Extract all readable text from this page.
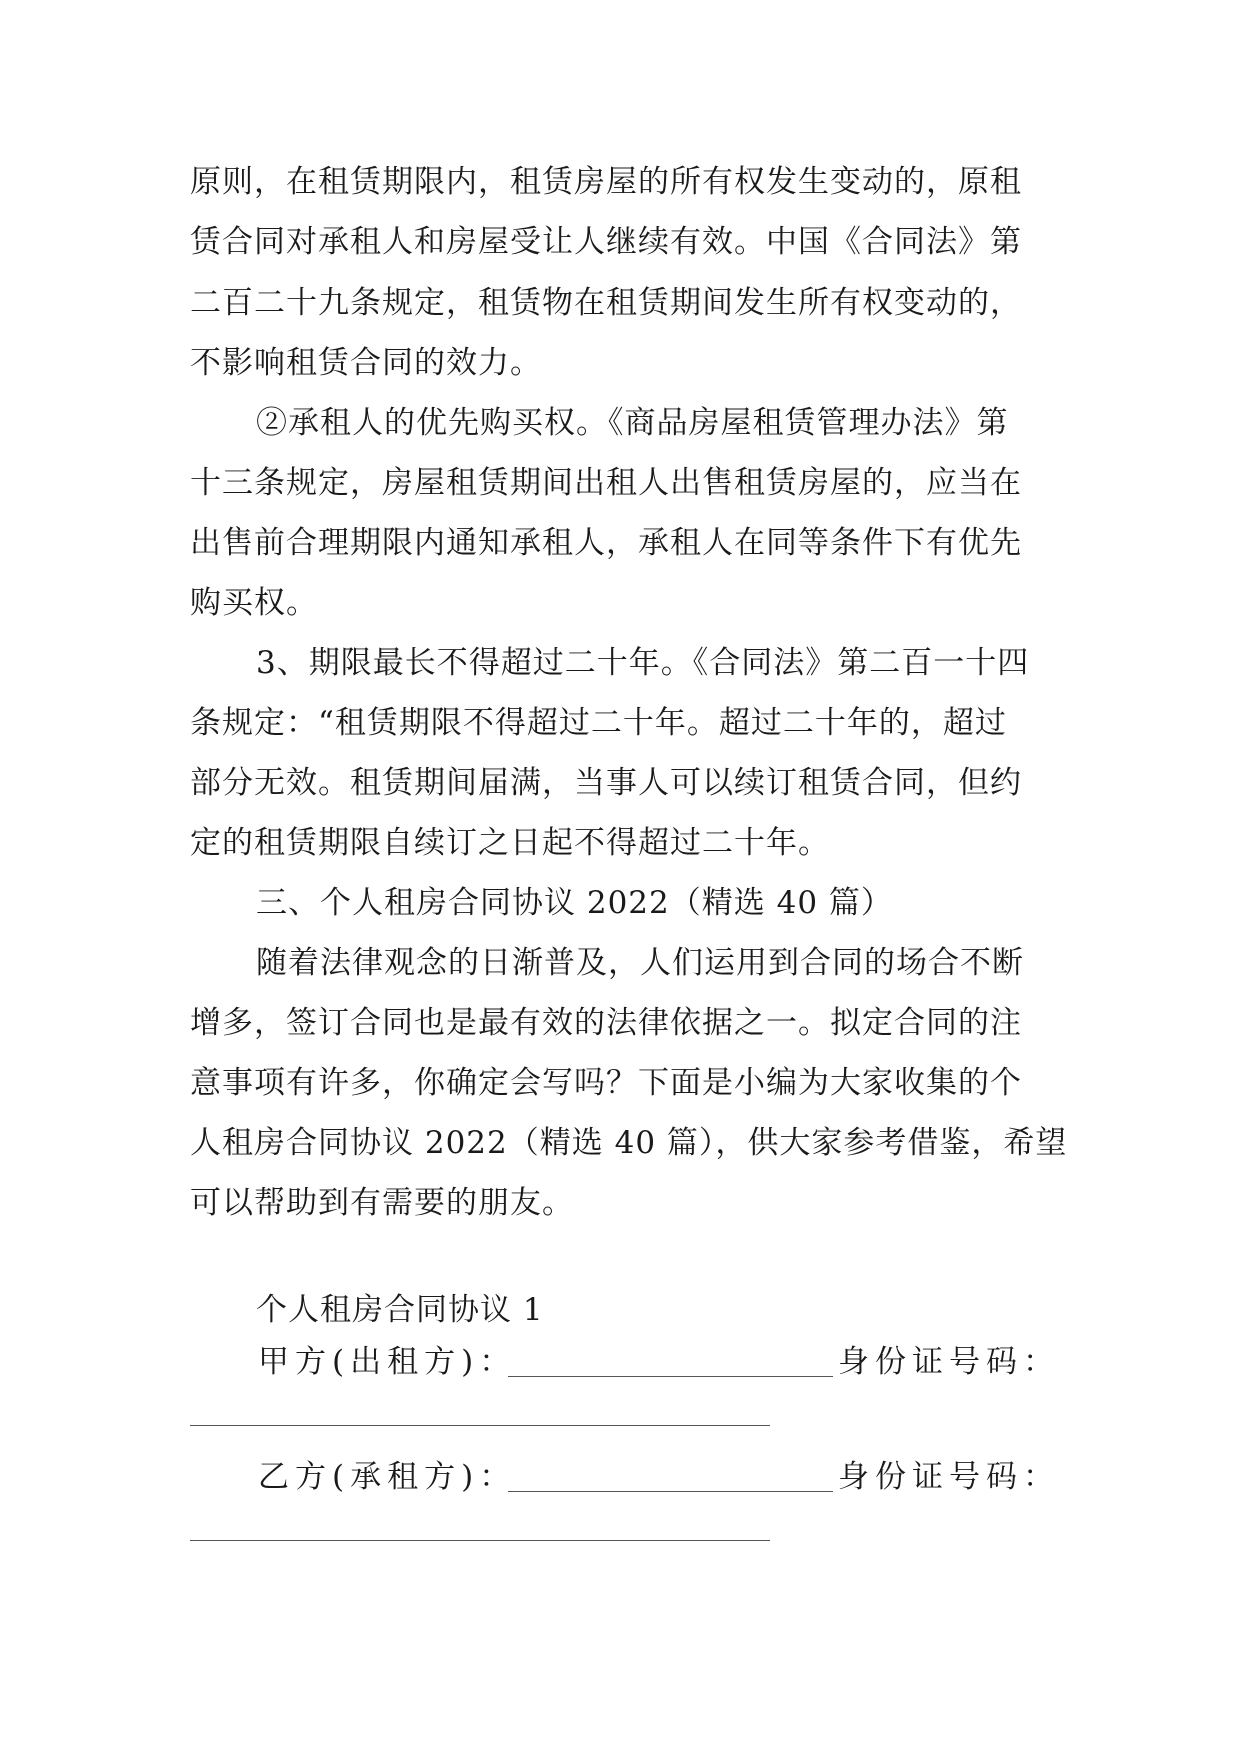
原则，在租赁期限内，租赁房屋的所有权发生变动的，原租
赁合同对承租人和房屋受让人继续有效。中国《合同法》第
二百二十九条规定，租赁物在租赁期间发生所有权变动的，
不影响租赁合同的效力。
②承租人的优先购买权。《商品房屋租赁管理办法》第
十三条规定，房屋租赁期间出租人出售租赁房屋的，应当在
出售前合理期限内通知承租人，承租人在同等条件下有优先
购买权。
3、期限最长不得超过二十年。《合同法》第二百一十四
条规定：“租赁期限不得超过二十年。超过二十年的，超过
部分无效。租赁期间届满，当事人可以续订租赁合同，但约
定的租赁期限自续订之日起不得超过二十年。
三、个人租房合同协议 2022（精选 40 篇）
随着法律观念的日渐普及，人们运用到合同的场合不断
增多，签订合同也是最有效的法律依据之一。拟定合同的注
意事项有许多，你确定会写吗？下面是小编为大家收集的个
人租房合同协议 2022（精选 40 篇），供大家参考借鉴，希望
可以帮助到有需要的朋友。
个人租房合同协议 1
甲方(出租方)：	身份证号码：
乙方(承租方)：	身份证号码：
